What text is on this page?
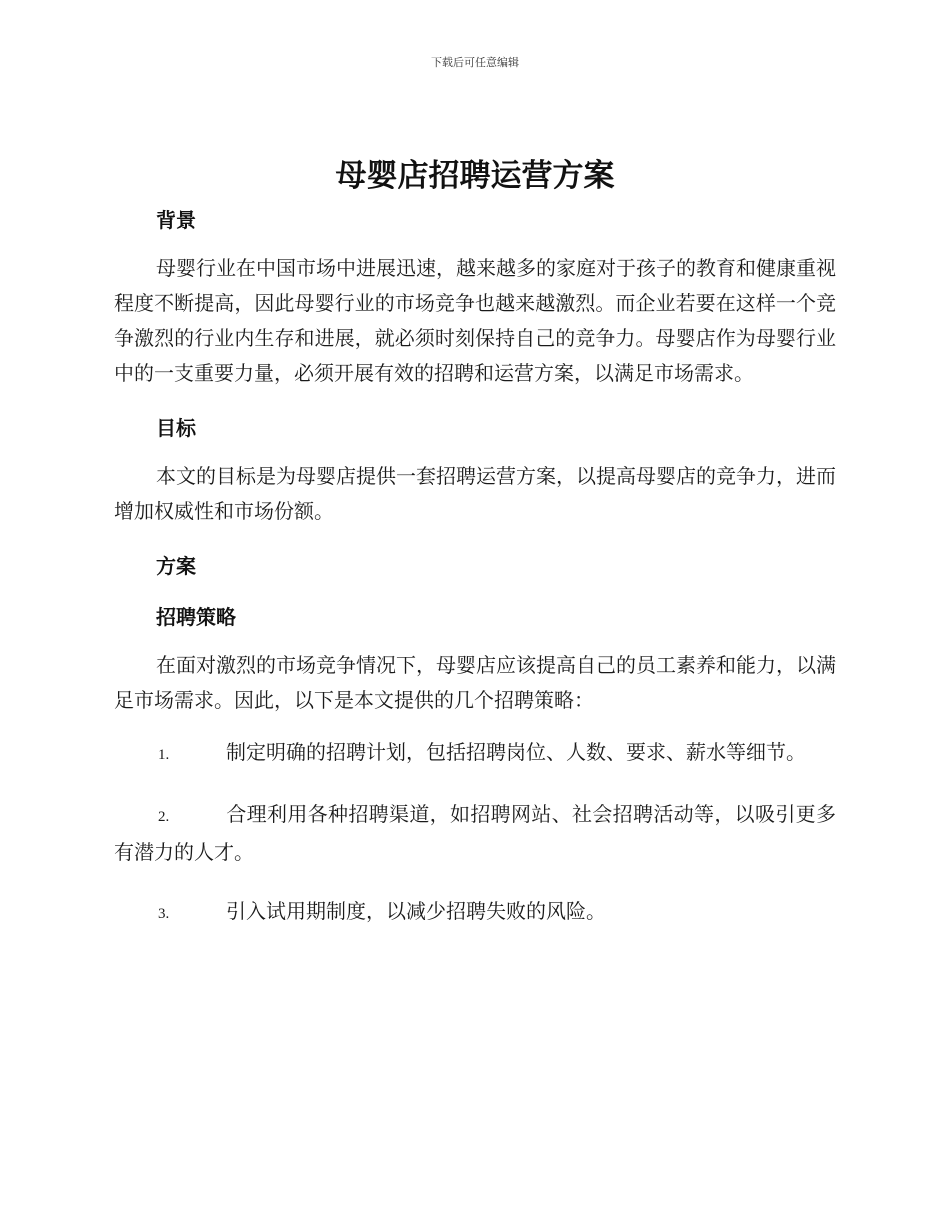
下载后可任意编辑
母婴店招聘运营方案
背景

母婴行业在中国市场中进展迅速，越来越多的家庭对于孩子的教育和健康重视程度不断提高，因此母婴行业的市场竞争也越来越激烈。而企业若要在这样一个竞争激烈的行业内生存和进展，就必须时刻保持自己的竞争力。母婴店作为母婴行业中的一支重要力量，必须开展有效的招聘和运营方案，以满足市场需求。

目标

本文的目标是为母婴店提供一套招聘运营方案，以提高母婴店的竞争力，进而增加权威性和市场份额。

方案
招聘策略

在面对激烈的市场竞争情况下，母婴店应该提高自己的员工素养和能力，以满足市场需求。因此，以下是本文提供的几个招聘策略：

1.	制定明确的招聘计划，包括招聘岗位、人数、要求、薪水等细节。

2.	合理利用各种招聘渠道，如招聘网站、社会招聘活动等，以吸引更多有潜力的人才。

3.	引入试用期制度，以减少招聘失败的风险。
